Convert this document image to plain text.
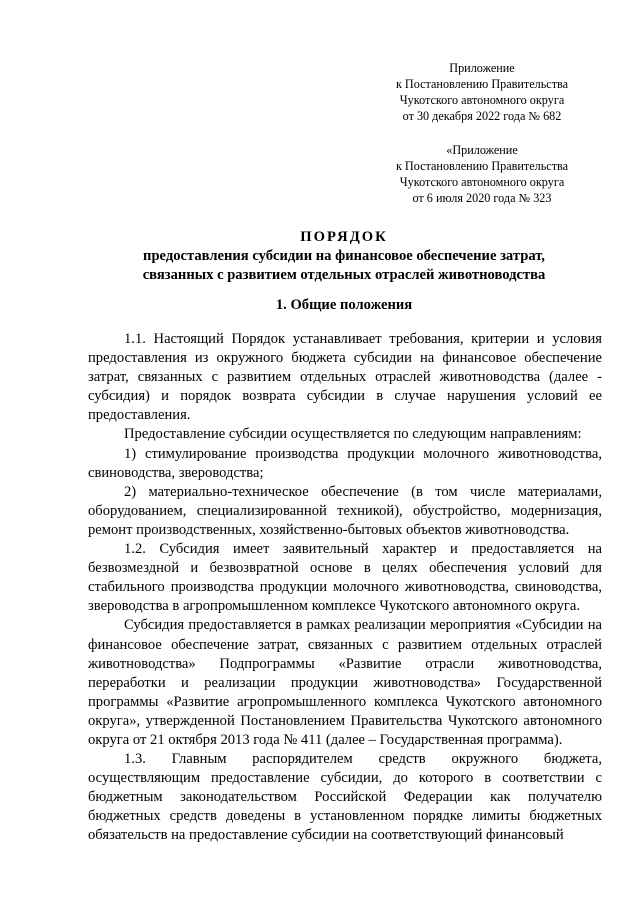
Приложение

к Постановлению Правительства

Чукотского автономного округа

от 30 декабря 2022 года № 682

«Приложение

к Постановлению Правительства

Чукотского автономного округа

от 6 июля 2020 года № 323

ПОРЯДОК

предоставления субсидии на финансовое обеспечение затрат,

связанных с развитием отдельных отраслей животноводства

1. Общие положения

1.1. Настоящий Порядок устанавливает требования, критерии и условия предоставления из окружного бюджета субсидии на финансовое обеспечение затрат, связанных с развитием отдельных отраслей животноводства (далее - субсидия) и порядок возврата субсидии в случае нарушения условий ее предоставления.

Предоставление субсидии осуществляется по следующим направлениям:

1) стимулирование производства продукции молочного животноводства, свиноводства, звероводства;

2) материально-техническое обеспечение (в том числе материалами, оборудованием, специализированной техникой), обустройство, модернизация, ремонт производственных, хозяйственно-бытовых объектов животноводства.

1.2. Субсидия имеет заявительный характер и предоставляется на безвозмездной и безвозвратной основе в целях обеспечения условий для стабильного производства продукции молочного животноводства, свиноводства, звероводства в агропромышленном комплексе Чукотского автономного округа.

Субсидия предоставляется в рамках реализации мероприятия «Субсидии на финансовое обеспечение затрат, связанных с развитием отдельных отраслей животноводства» Подпрограммы «Развитие отрасли животноводства, переработки и реализации продукции животноводства» Государственной программы «Развитие агропромышленного комплекса Чукотского автономного округа», утвержденной Постановлением Правительства Чукотского автономного округа от 21 октября 2013 года № 411 (далее – Государственная программа).

1.3. Главным распорядителем средств окружного бюджета, осуществляющим предоставление субсидии, до которого в соответствии с бюджетным законодательством Российской Федерации как получателю бюджетных средств доведены в установленном порядке лимиты бюджетных обязательств на предоставление субсидии на соответствующий финансовый
